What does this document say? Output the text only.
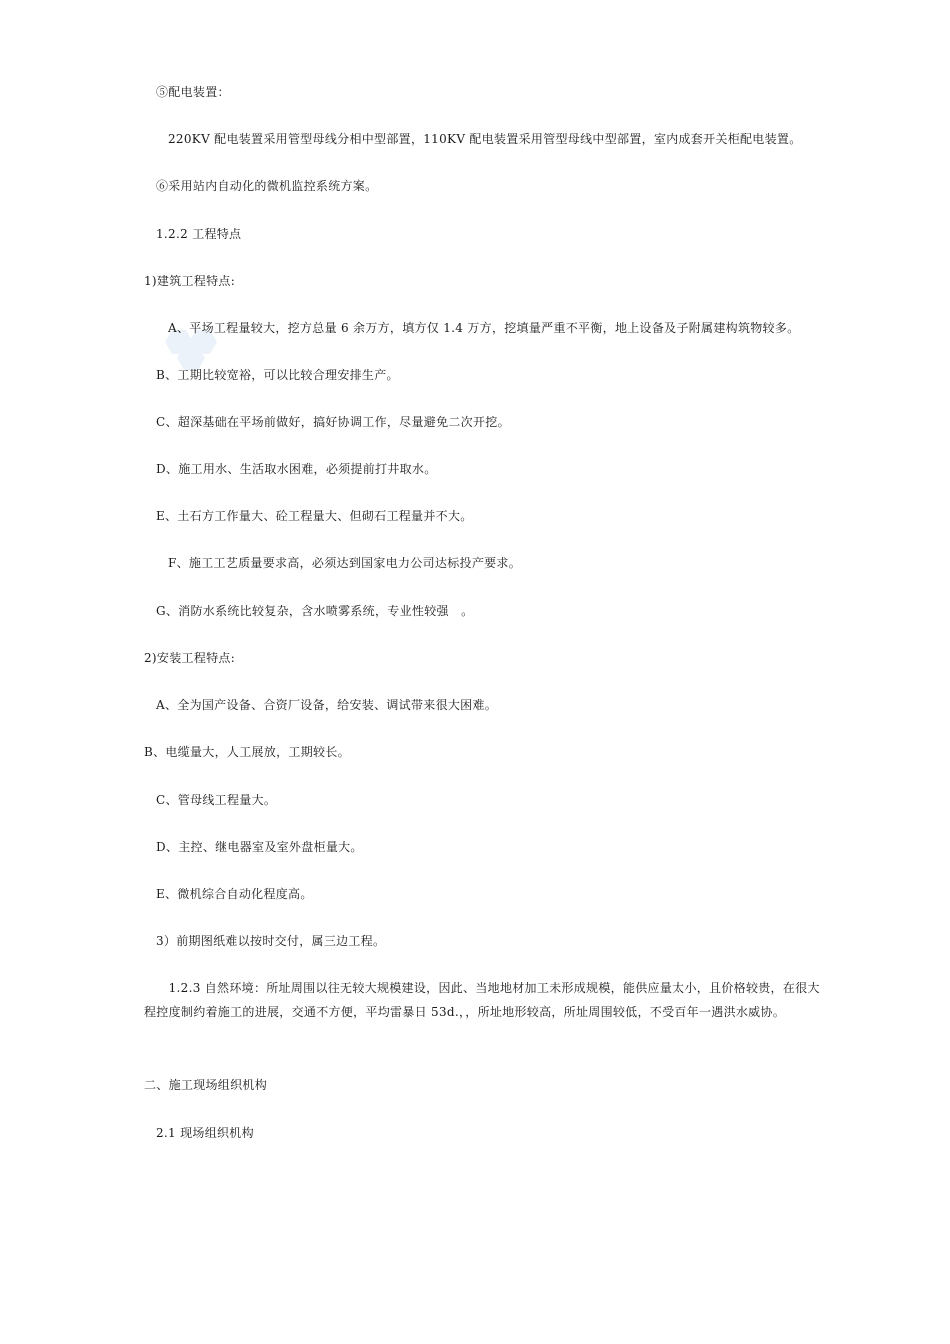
⑤配电装置：
220KV 配电装置采用管型母线分相中型部置，110KV 配电装置采用管型母线中型部置，室内成套开关柜配电装置。
⑥采用站内自动化的微机监控系统方案。
1.2.2 工程特点
1)建筑工程特点:
A、平场工程量较大，挖方总量 6 余万方，填方仅 1.4 万方，挖填量严重不平衡，地上设备及子附属建构筑物较多。
B、工期比较宽裕，可以比较合理安排生产。
C、超深基础在平场前做好，搞好协调工作，尽量避免二次开挖。
D、施工用水、生活取水困难，必须提前打井取水。
E、土石方工作量大、砼工程量大、但砌石工程量并不大。
F、施工工艺质量要求高，必须达到国家电力公司达标投产要求。
G、消防水系统比较复杂，含水喷雾系统，专业性较强　。
2)安装工程特点:
A、全为国产设备、合资厂设备，给安装、调试带来很大困难。
B、电缆量大，人工展放，工期较长。
C、管母线工程量大。
D、主控、继电器室及室外盘柜量大。
E、微机综合自动化程度高。
3）前期图纸难以按时交付，属三边工程。
　　1.2.3 自然环境：所址周围以往无较大规模建设，因此、当地地材加工未形成规模，能供应量太小，且价格较贵，在很大程控度制约着施工的进展，交通不方便，平均雷暴日 53d.，，所址地形较高，所址周围较低，不受百年一遇洪水威协。
二、施工现场组织机构
2.1 现场组织机构
